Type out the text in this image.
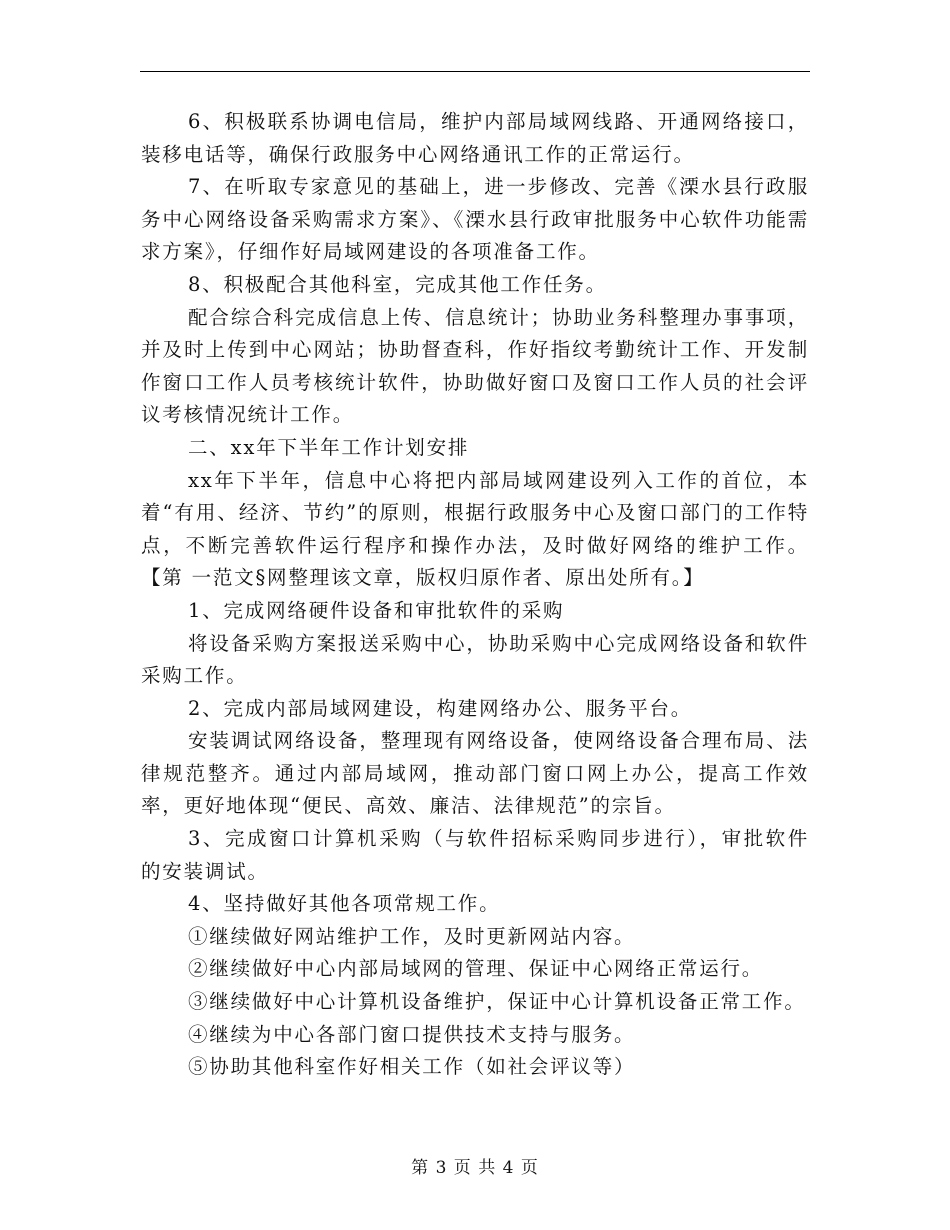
6、积极联系协调电信局，维护内部局域网线路、开通网络接口，装移电话等，确保行政服务中心网络通讯工作的正常运行。

7、在听取专家意见的基础上，进一步修改、完善《溧水县行政服务中心网络设备采购需求方案》、《溧水县行政审批服务中心软件功能需求方案》，仔细作好局域网建设的各项准备工作。

8、积极配合其他科室，完成其他工作任务。

配合综合科完成信息上传、信息统计；协助业务科整理办事事项，并及时上传到中心网站；协助督查科，作好指纹考勤统计工作、开发制作窗口工作人员考核统计软件，协助做好窗口及窗口工作人员的社会评议考核情况统计工作。

二、xx年下半年工作计划安排

xx年下半年，信息中心将把内部局域网建设列入工作的首位，本着“有用、经济、节约”的原则，根据行政服务中心及窗口部门的工作特点，不断完善软件运行程序和操作办法，及时做好网络的维护工作。【第 一范文§网整理该文章，版权归原作者、原出处所有。】

1、完成网络硬件设备和审批软件的采购

将设备采购方案报送采购中心，协助采购中心完成网络设备和软件采购工作。

2、完成内部局域网建设，构建网络办公、服务平台。

安装调试网络设备，整理现有网络设备，使网络设备合理布局、法律规范整齐。通过内部局域网，推动部门窗口网上办公，提高工作效率，更好地体现“便民、高效、廉洁、法律规范”的宗旨。

3、完成窗口计算机采购（与软件招标采购同步进行），审批软件的安装调试。

4、坚持做好其他各项常规工作。

①继续做好网站维护工作，及时更新网站内容。

②继续做好中心内部局域网的管理、保证中心网络正常运行。

③继续做好中心计算机设备维护，保证中心计算机设备正常工作。

④继续为中心各部门窗口提供技术支持与服务。

⑤协助其他科室作好相关工作（如社会评议等）

第 3 页 共 4 页
